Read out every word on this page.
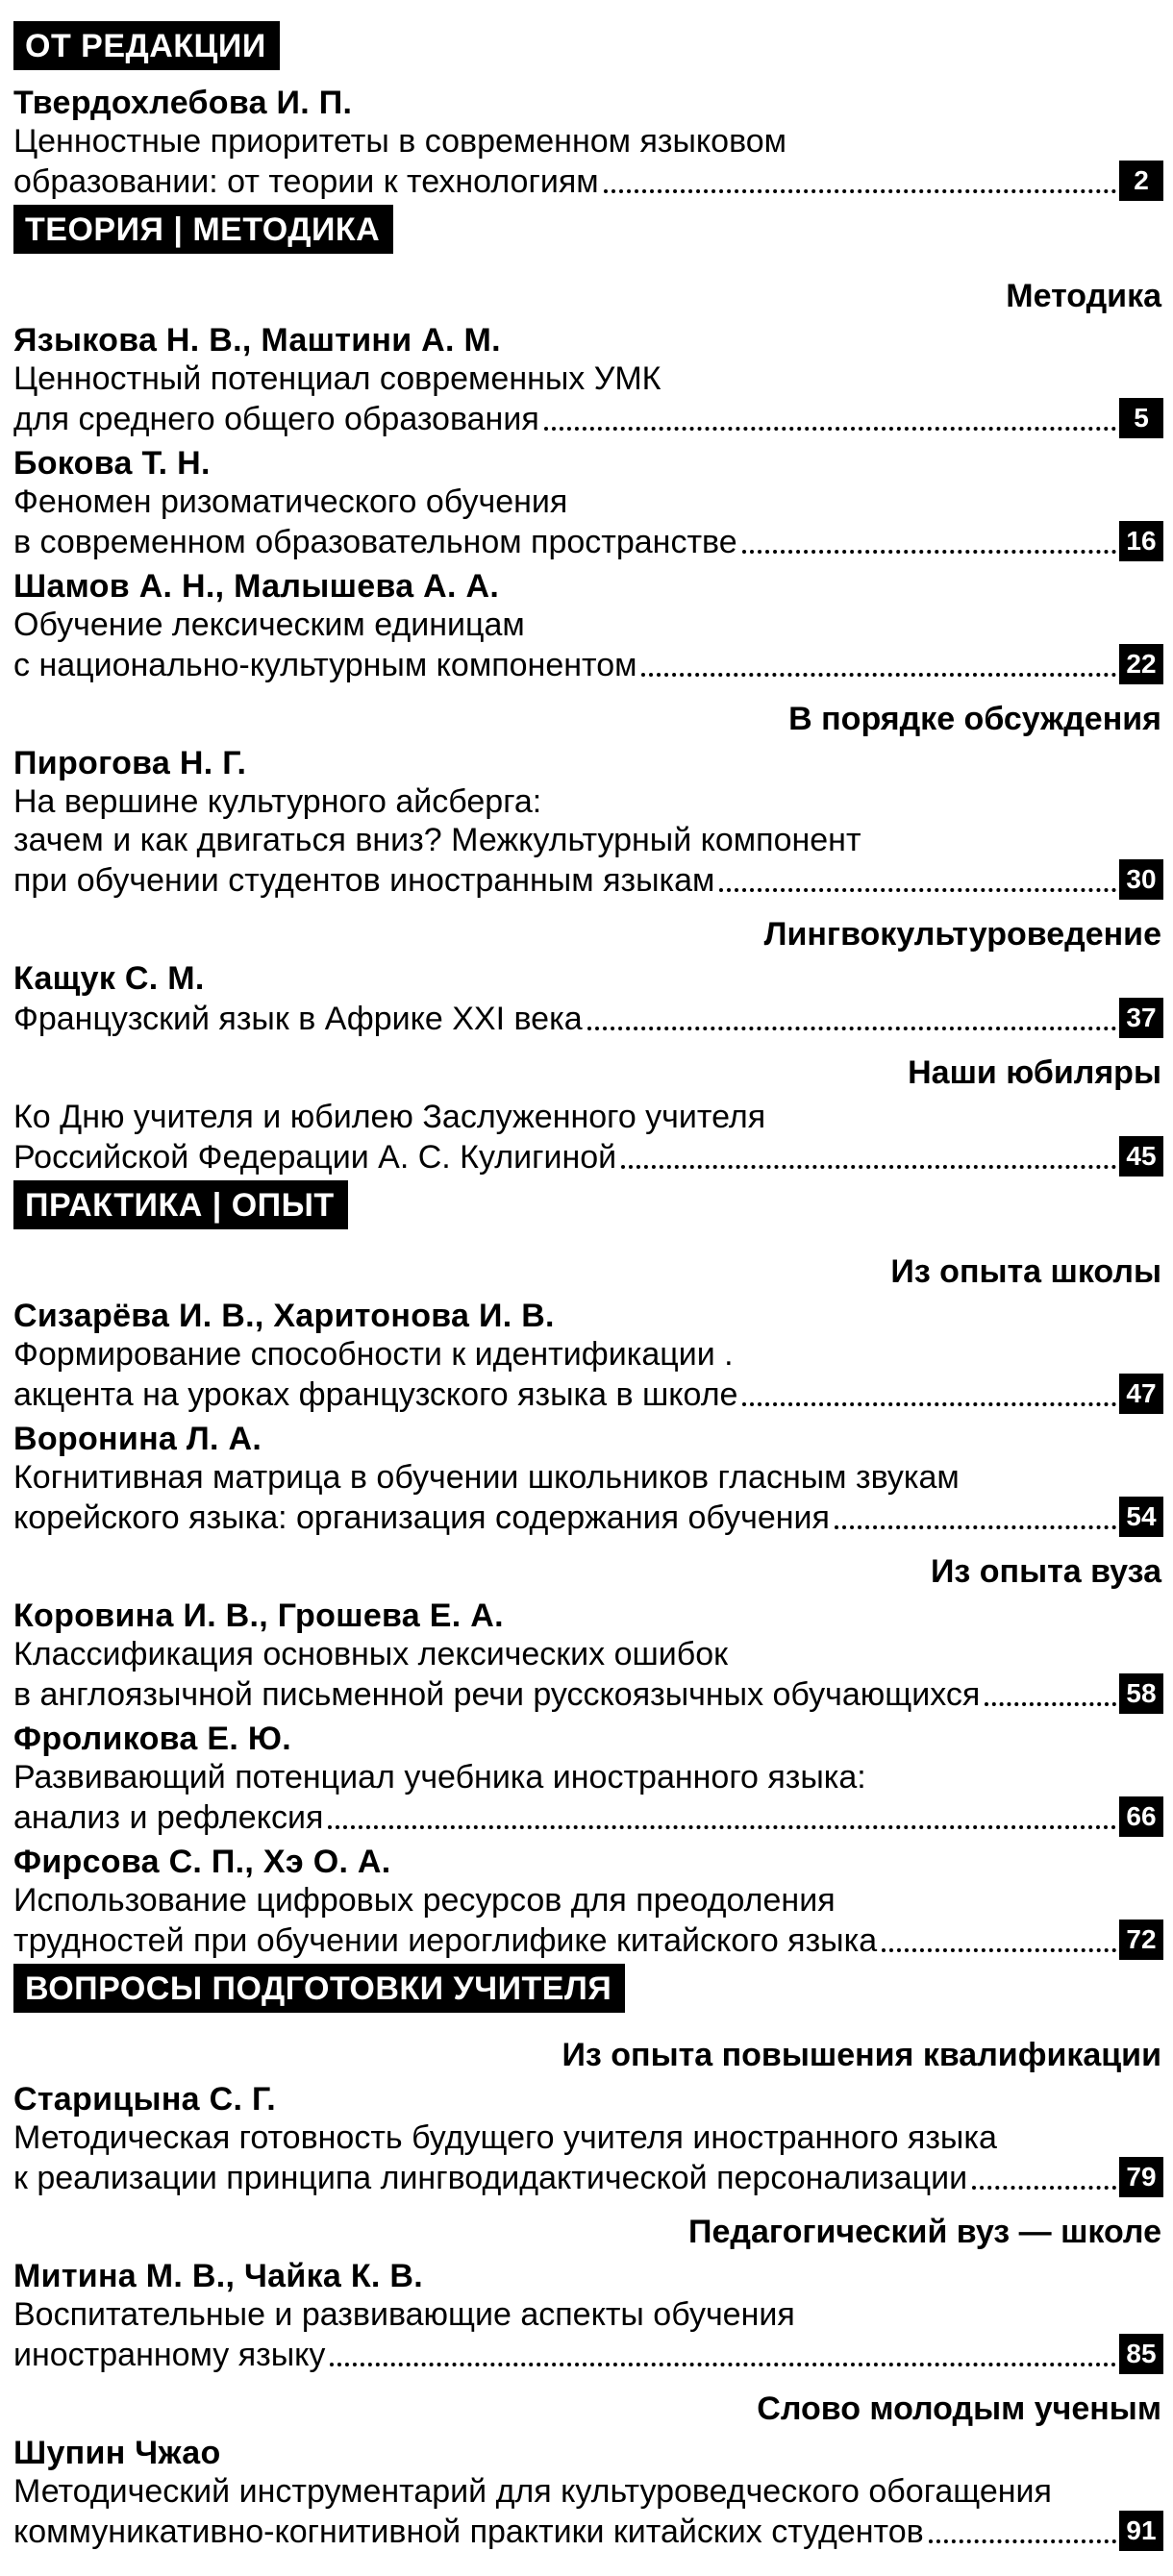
ОТ РЕДАКЦИИ
Твердохлебова И. П.
Ценностные приоритеты в современном языковом
образовании: от теории к технологиям	2
ТЕОРИЯ | МЕТОДИКА
Методика
Языкова Н. В., Маштини А. М.
Ценностный потенциал современных УМК
для среднего общего образования	5
Бокова Т. Н.
Феномен ризоматического обучения
в современном образовательном пространстве	16
Шамов А. Н., Малышева А. А.
Обучение лексическим единицам
с национально-культурным компонентом	22
В порядке обсуждения
Пирогова Н. Г.
На вершине культурного айсберга:
зачем и как двигаться вниз? Межкультурный компонент
при обучении студентов иностранным языкам	30
Лингвокультуроведение
Кащук С. М.
Французский язык в Африке XXI века	37
Наши юбиляры
Ко Дню учителя и юбилею Заслуженного учителя
Российской Федерации А. С. Кулигиной	45
ПРАКТИКА | ОПЫТ
Из опыта школы
Сизарёва И. В., Харитонова И. В.
Формирование способности к идентификации .
акцента на уроках французского языка в школе	47
Воронина Л. А.
Когнитивная матрица в обучении школьников гласным звукам
корейского языка: организация содержания обучения	54
Из опыта вуза
Коровина И. В., Грошева Е. А.
Классификация основных лексических ошибок
в англоязычной письменной речи русскоязычных обучающихся	58
Фроликова Е. Ю.
Развивающий потенциал учебника иностранного языка:
анализ и рефлексия	66
Фирсова С. П., Хэ О. А.
Использование цифровых ресурсов для преодоления
трудностей при обучении иероглифике китайского языка	72
ВОПРОСЫ ПОДГОТОВКИ УЧИТЕЛЯ
Из опыта повышения квалификации
Старицына С. Г.
Методическая готовность будущего учителя иностранного языка
к реализации принципа лингводидактической персонализации	79
Педагогический вуз — школе
Митина М. В., Чайка К. В.
Воспитательные и развивающие аспекты обучения
иностранному языку	85
Слово молодым ученым
Шупин Чжао
Методический инструментарий для культуроведческого обогащения
коммуникативно-когнитивной практики китайских студентов	91
